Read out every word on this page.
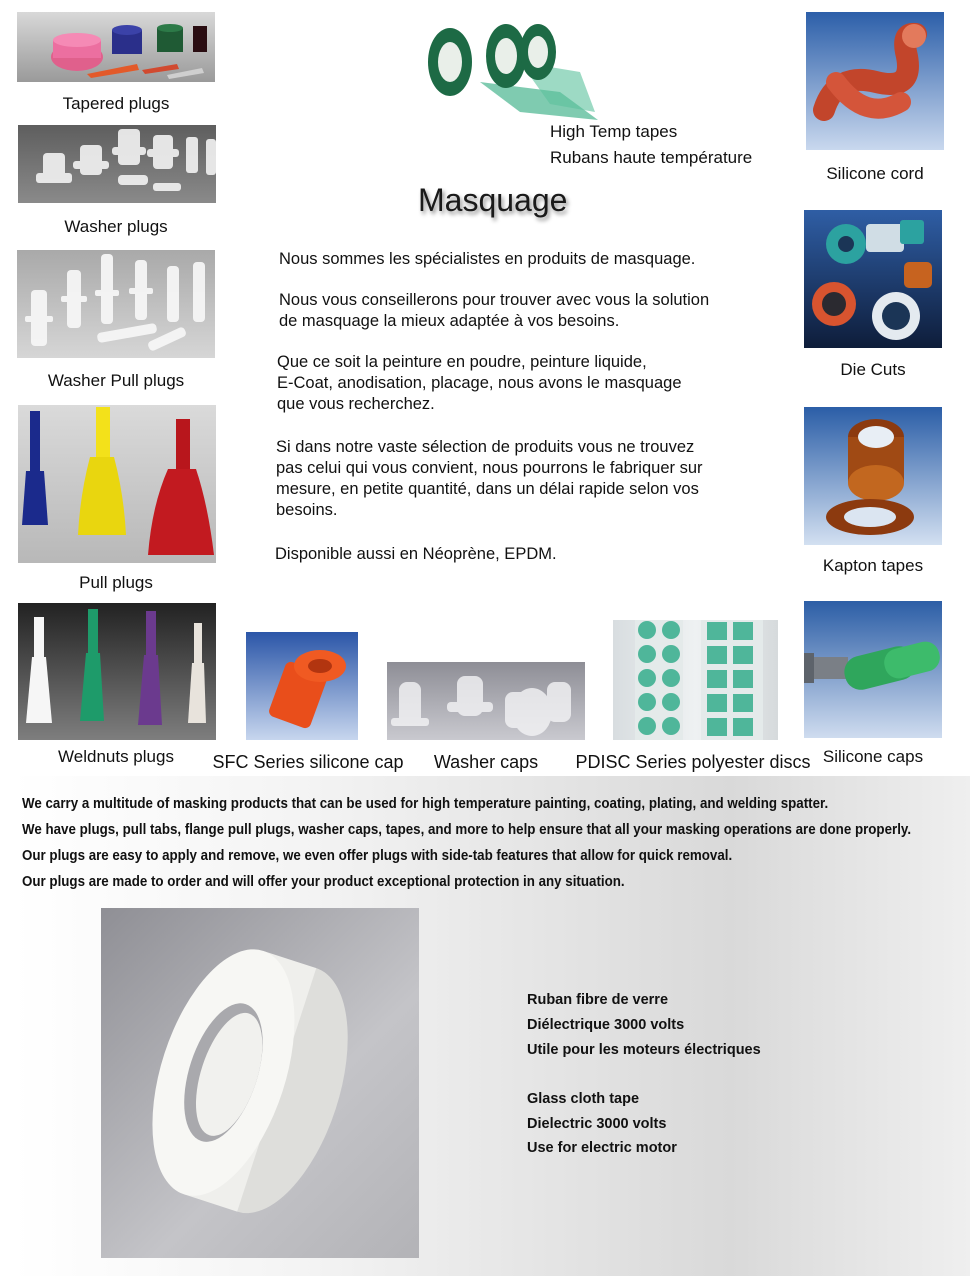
Tapered plugs
Washer plugs
Washer Pull plugs
Pull plugs
Weldnuts plugs	SFC Series silicone cap	Washer caps	PDISC Series polyester discs
Silicone cord
Die Cuts
Kapton tapes
Silicone caps
High Temp tapes
Rubans haute température
Masquage
Nous sommes les spécialistes en produits de masquage.
Nous vous conseillerons pour trouver avec vous la solution
de masquage la mieux adaptée à vos besoins.
Que ce soit la peinture en poudre, peinture liquide,
E-Coat, anodisation, placage, nous avons le masquage
que vous recherchez.
Si dans notre vaste sélection de produits vous ne trouvez
pas celui qui vous convient, nous pourrons le fabriquer sur
mesure, en petite quantité, dans un délai rapide selon vos
besoins.
Disponible aussi en Néoprène, EPDM.
We carry a multitude of masking products that can be used for high temperature painting, coating, plating, and welding spatter.
We have plugs, pull tabs, flange pull plugs, washer caps, tapes, and more to help ensure that all your masking operations are done properly.
Our plugs are easy to apply and remove, we even offer plugs with side-tab features that allow for quick removal.
Our plugs are made to order and will offer your product exceptional protection in any situation.
Ruban fibre de verre
Diélectrique 3000 volts
Utile pour les moteurs électriques
Glass cloth tape
Dielectric 3000 volts
Use for electric motor
